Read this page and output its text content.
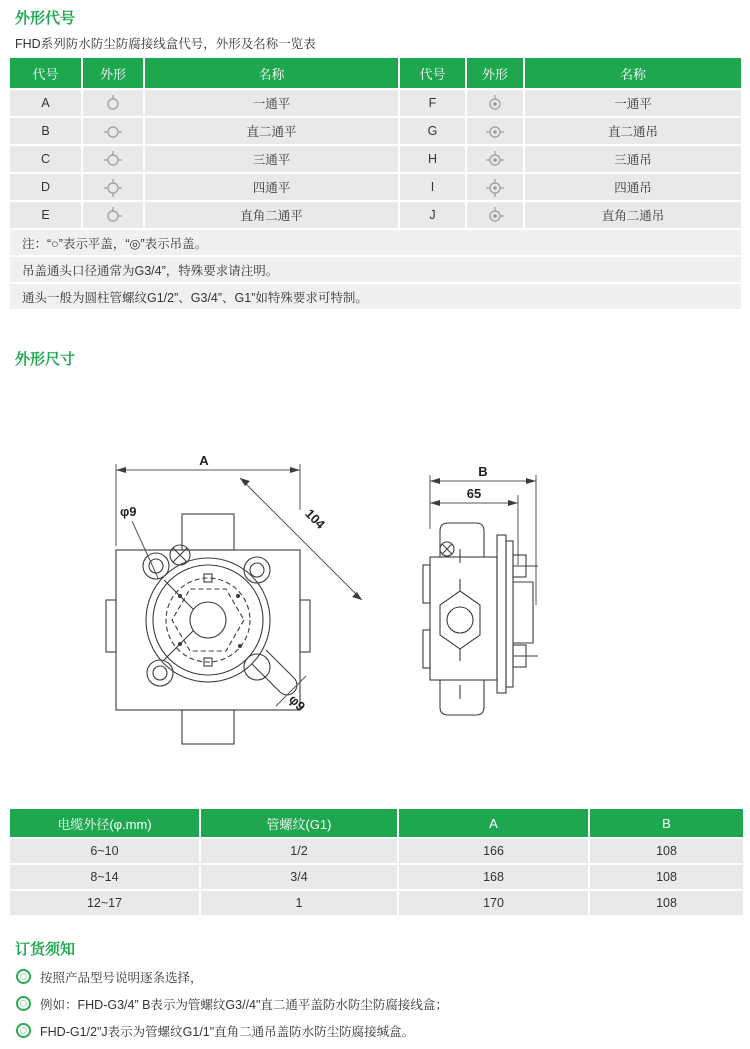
外形代号
FHD系列防水防尘防腐接线盒代号，外形及名称一览表
代号	外形	名称	代号	外形	名称
A	一通平	F	一通平
B	直二通平	G	直二通吊
C	三通平	H	三通吊
D	四通平	I	四通吊
E	直角二通平	J	直角二通吊
注：“○”表示平盖，“◎”表示吊盖。
吊盖通头口径通常为G3/4”，特殊要求请注明。
通头一般为圆柱管螺纹G1/2”、G3/4”、G1”如特殊要求可特制。
外形尺寸
A
104
φ9
φ9
B
65
电缆外径(φ.mm)	管螺纹(G1)	A	B
6~10	1/2	166	108
8~14	3/4	168	108
12~17	1	170	108
订货须知
按照产品型号说明逐条选择，
例如：FHD-G3/4” B表示为管螺纹G3//4"直二通平盖防水防尘防腐接线盒；
FHD-G1/2"J表示为管螺纹G1/1"直角二通吊盖防水防尘防腐接缄盒。
